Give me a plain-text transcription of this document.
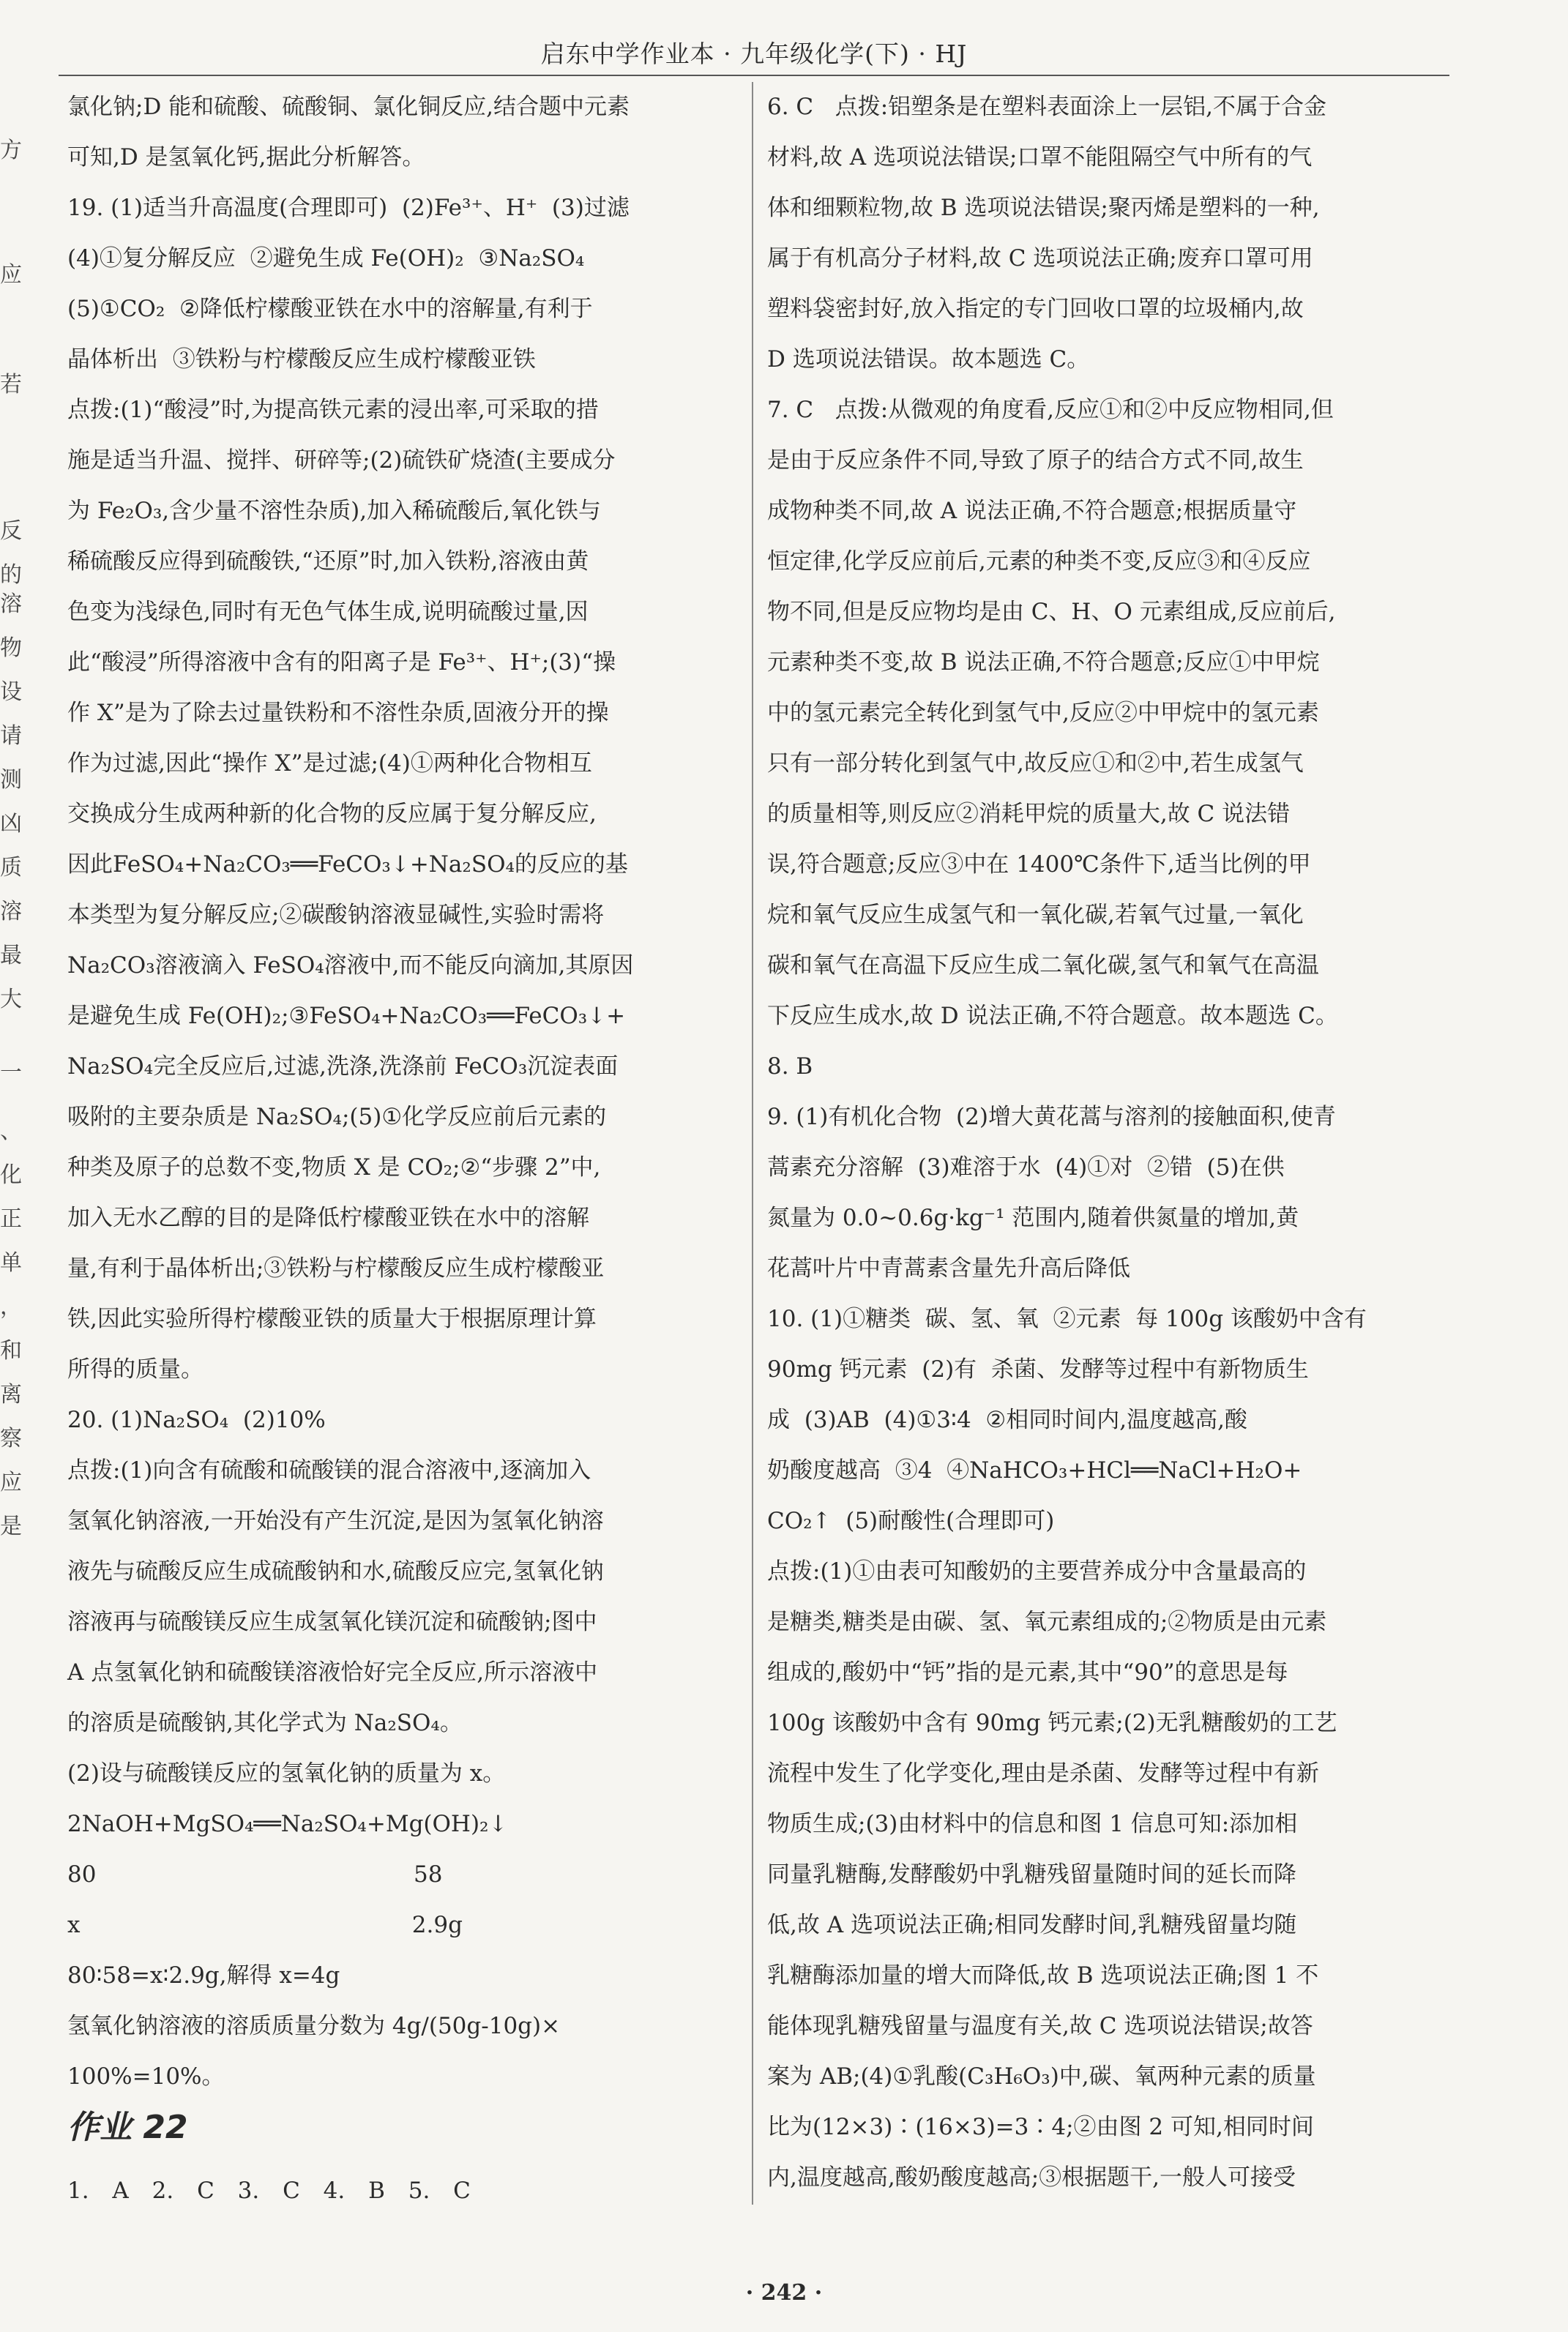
启东中学作业本 · 九年级化学(下) · HJ
方
应
若
反
的
溶
物
设
请
测
凶
质
溶
最
大
一
、
化
正
单
，
和
离
察
应
是

氯化钠;D 能和硫酸、硫酸铜、氯化铜反应,结合题中元素

可知,D 是氢氧化钙,据此分析解答。

19. (1)适当升高温度(合理即可)  (2)Fe³⁺、H⁺  (3)过滤

(4)①复分解反应  ②避免生成 Fe(OH)₂  ③Na₂SO₄

(5)①CO₂  ②降低柠檬酸亚铁在水中的溶解量,有利于

晶体析出  ③铁粉与柠檬酸反应生成柠檬酸亚铁

点拨:(1)“酸浸”时,为提高铁元素的浸出率,可采取的措

施是适当升温、搅拌、研碎等;(2)硫铁矿烧渣(主要成分

为 Fe₂O₃,含少量不溶性杂质),加入稀硫酸后,氧化铁与

稀硫酸反应得到硫酸铁,“还原”时,加入铁粉,溶液由黄

色变为浅绿色,同时有无色气体生成,说明硫酸过量,因

此“酸浸”所得溶液中含有的阳离子是 Fe³⁺、H⁺;(3)“操

作 X”是为了除去过量铁粉和不溶性杂质,固液分开的操

作为过滤,因此“操作 X”是过滤;(4)①两种化合物相互

交换成分生成两种新的化合物的反应属于复分解反应,

因此FeSO₄+Na₂CO₃══FeCO₃↓+Na₂SO₄的反应的基

本类型为复分解反应;②碳酸钠溶液显碱性,实验时需将

Na₂CO₃溶液滴入 FeSO₄溶液中,而不能反向滴加,其原因

是避免生成 Fe(OH)₂;③FeSO₄+Na₂CO₃══FeCO₃↓+

Na₂SO₄完全反应后,过滤,洗涤,洗涤前 FeCO₃沉淀表面

吸附的主要杂质是 Na₂SO₄;(5)①化学反应前后元素的

种类及原子的总数不变,物质 X 是 CO₂;②“步骤 2”中,

加入无水乙醇的目的是降低柠檬酸亚铁在水中的溶解

量,有利于晶体析出;③铁粉与柠檬酸反应生成柠檬酸亚

铁,因此实验所得柠檬酸亚铁的质量大于根据原理计算

所得的质量。

20. (1)Na₂SO₄  (2)10%

点拨:(1)向含有硫酸和硫酸镁的混合溶液中,逐滴加入

氢氧化钠溶液,一开始没有产生沉淀,是因为氢氧化钠溶

液先与硫酸反应生成硫酸钠和水,硫酸反应完,氢氧化钠

溶液再与硫酸镁反应生成氢氧化镁沉淀和硫酸钠;图中

A 点氢氧化钠和硫酸镁溶液恰好完全反应,所示溶液中

的溶质是硫酸钠,其化学式为 Na₂SO₄。

(2)设与硫酸镁反应的氢氧化钠的质量为 x。

2NaOH+MgSO₄══Na₂SO₄+Mg(OH)₂↓

80                                            58

x                                              2.9g

80∶58=x∶2.9g,解得 x=4g

氢氧化钠溶液的溶质质量分数为 4g/(50g-10g)×

100%=10%。

6. C   点拨:铝塑条是在塑料表面涂上一层铝,不属于合金

材料,故 A 选项说法错误;口罩不能阻隔空气中所有的气

体和细颗粒物,故 B 选项说法错误;聚丙烯是塑料的一种,

属于有机高分子材料,故 C 选项说法正确;废弃口罩可用

塑料袋密封好,放入指定的专门回收口罩的垃圾桶内,故

D 选项说法错误。故本题选 C。

7. C   点拨:从微观的角度看,反应①和②中反应物相同,但

是由于反应条件不同,导致了原子的结合方式不同,故生

成物种类不同,故 A 说法正确,不符合题意;根据质量守

恒定律,化学反应前后,元素的种类不变,反应③和④反应

物不同,但是反应物均是由 C、H、O 元素组成,反应前后,

元素种类不变,故 B 说法正确,不符合题意;反应①中甲烷

中的氢元素完全转化到氢气中,反应②中甲烷中的氢元素

只有一部分转化到氢气中,故反应①和②中,若生成氢气

的质量相等,则反应②消耗甲烷的质量大,故 C 说法错

误,符合题意;反应③中在 1400℃条件下,适当比例的甲

烷和氧气反应生成氢气和一氧化碳,若氧气过量,一氧化

碳和氧气在高温下反应生成二氧化碳,氢气和氧气在高温

下反应生成水,故 D 说法正确,不符合题意。故本题选 C。

8. B

9. (1)有机化合物  (2)增大黄花蒿与溶剂的接触面积,使青

蒿素充分溶解  (3)难溶于水  (4)①对  ②错  (5)在供

氮量为 0.0~0.6g·kg⁻¹ 范围内,随着供氮量的增加,黄

花蒿叶片中青蒿素含量先升高后降低

10. (1)①糖类  碳、氢、氧  ②元素  每 100g 该酸奶中含有

90mg 钙元素  (2)有  杀菌、发酵等过程中有新物质生

成  (3)AB  (4)①3∶4  ②相同时间内,温度越高,酸

奶酸度越高  ③4  ④NaHCO₃+HCl══NaCl+H₂O+

CO₂↑  (5)耐酸性(合理即可)

点拨:(1)①由表可知酸奶的主要营养成分中含量最高的

是糖类,糖类是由碳、氢、氧元素组成的;②物质是由元素

组成的,酸奶中“钙”指的是元素,其中“90”的意思是每

100g 该酸奶中含有 90mg 钙元素;(2)无乳糖酸奶的工艺

流程中发生了化学变化,理由是杀菌、发酵等过程中有新

物质生成;(3)由材料中的信息和图 1 信息可知:添加相

同量乳糖酶,发酵酸奶中乳糖残留量随时间的延长而降

低,故 A 选项说法正确;相同发酵时间,乳糖残留量均随

乳糖酶添加量的增大而降低,故 B 选项说法正确;图 1 不

能体现乳糖残留量与温度有关,故 C 选项说法错误;故答

案为 AB;(4)①乳酸(C₃H₆O₃)中,碳、氧两种元素的质量

比为(12×3)∶(16×3)=3∶4;②由图 2 可知,相同时间

内,温度越高,酸奶酸度越高;③根据题干,一般人可接受

作业 22
1. A 2. C 3. C 4. B 5. C
· 242 ·
